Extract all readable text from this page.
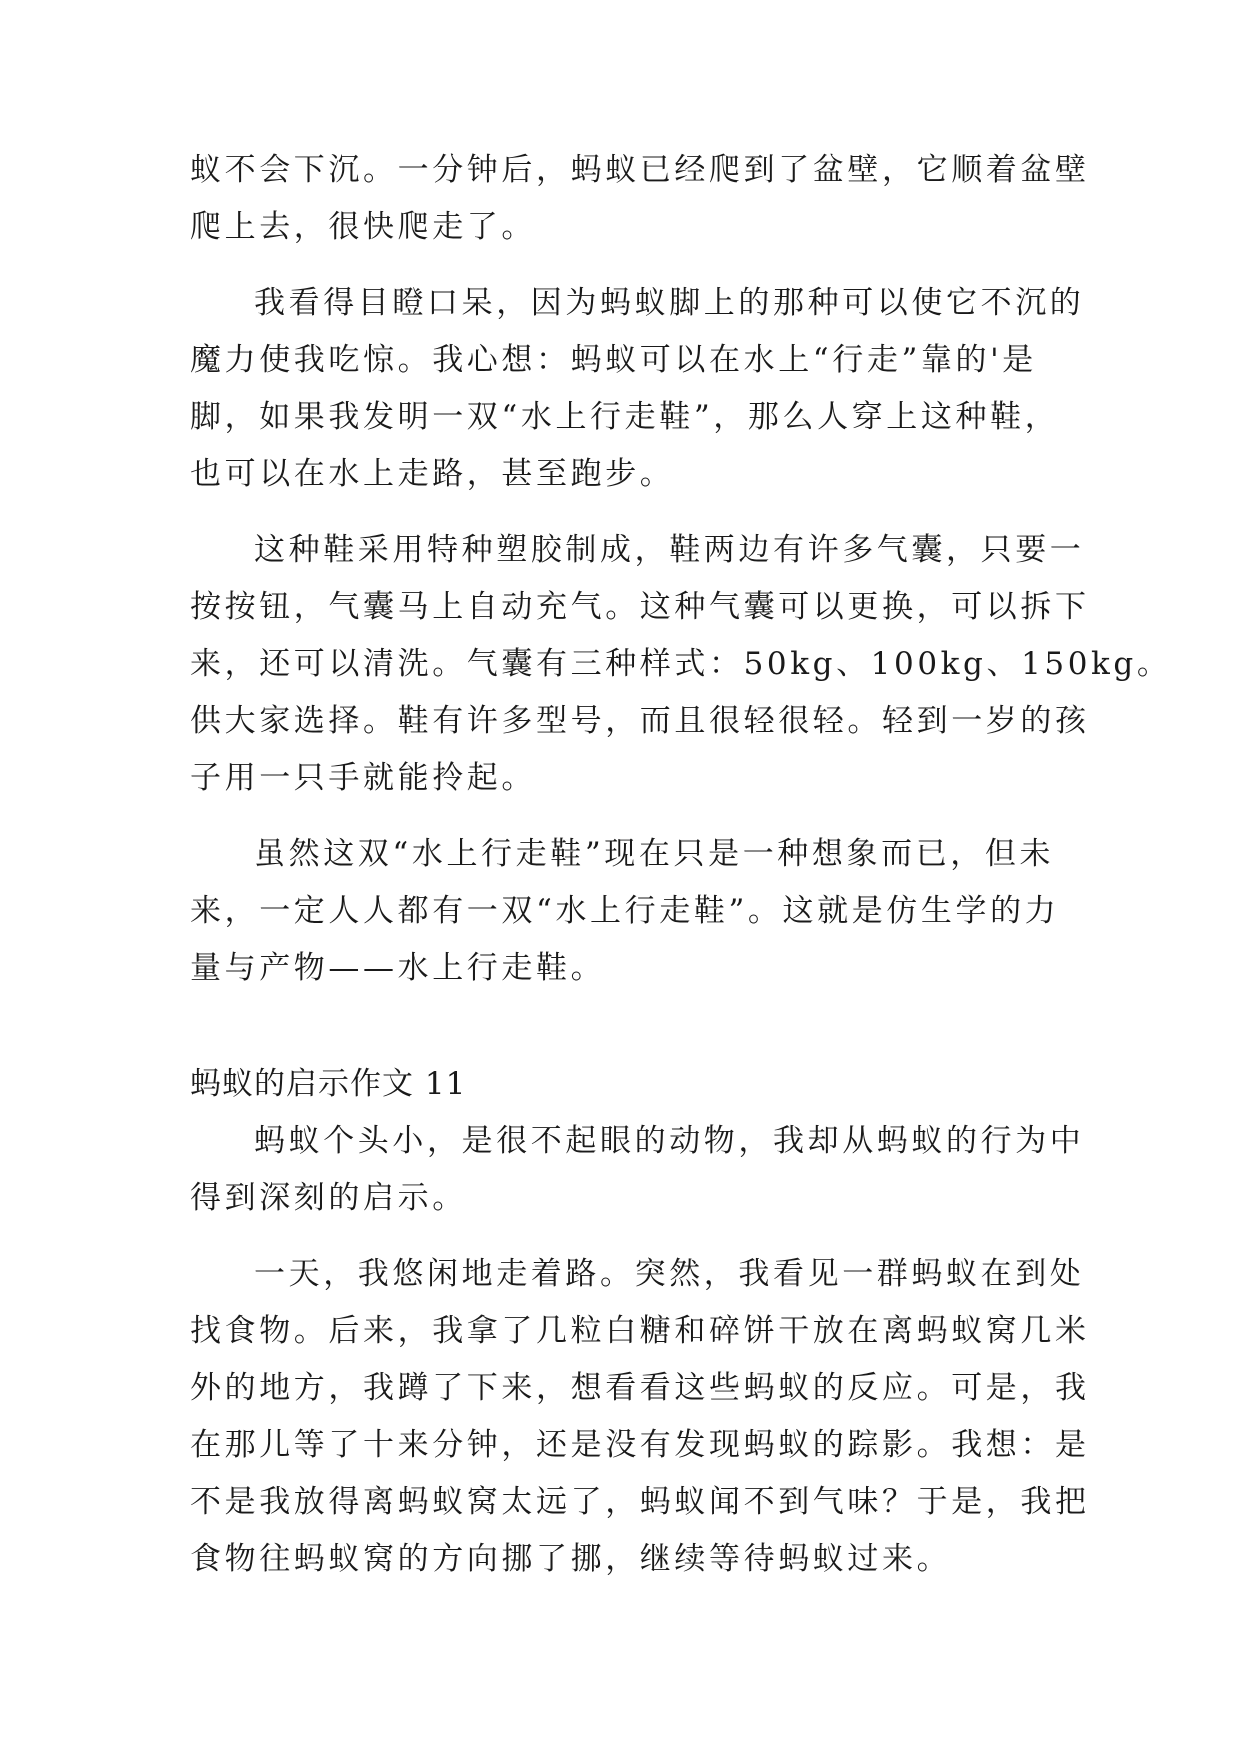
蚁不会下沉。一分钟后，蚂蚁已经爬到了盆壁，它顺着盆壁
爬上去，很快爬走了。
我看得目瞪口呆，因为蚂蚁脚上的那种可以使它不沉的
魔力使我吃惊。我心想：蚂蚁可以在水上“行走”靠的'是
脚，如果我发明一双“水上行走鞋”，那么人穿上这种鞋，
也可以在水上走路，甚至跑步。
这种鞋采用特种塑胶制成，鞋两边有许多气囊，只要一
按按钮，气囊马上自动充气。这种气囊可以更换，可以拆下
来，还可以清洗。气囊有三种样式：50kg、100kg、150kg。
供大家选择。鞋有许多型号，而且很轻很轻。轻到一岁的孩
子用一只手就能拎起。
虽然这双“水上行走鞋”现在只是一种想象而已，但未
来，一定人人都有一双“水上行走鞋”。这就是仿生学的力
量与产物——水上行走鞋。
蚂蚁的启示作文 11
蚂蚁个头小，是很不起眼的动物，我却从蚂蚁的行为中
得到深刻的启示。
一天，我悠闲地走着路。突然，我看见一群蚂蚁在到处
找食物。后来，我拿了几粒白糖和碎饼干放在离蚂蚁窝几米
外的地方，我蹲了下来，想看看这些蚂蚁的反应。可是，我
在那儿等了十来分钟，还是没有发现蚂蚁的踪影。我想：是
不是我放得离蚂蚁窝太远了，蚂蚁闻不到气味？于是，我把
食物往蚂蚁窝的方向挪了挪，继续等待蚂蚁过来。
